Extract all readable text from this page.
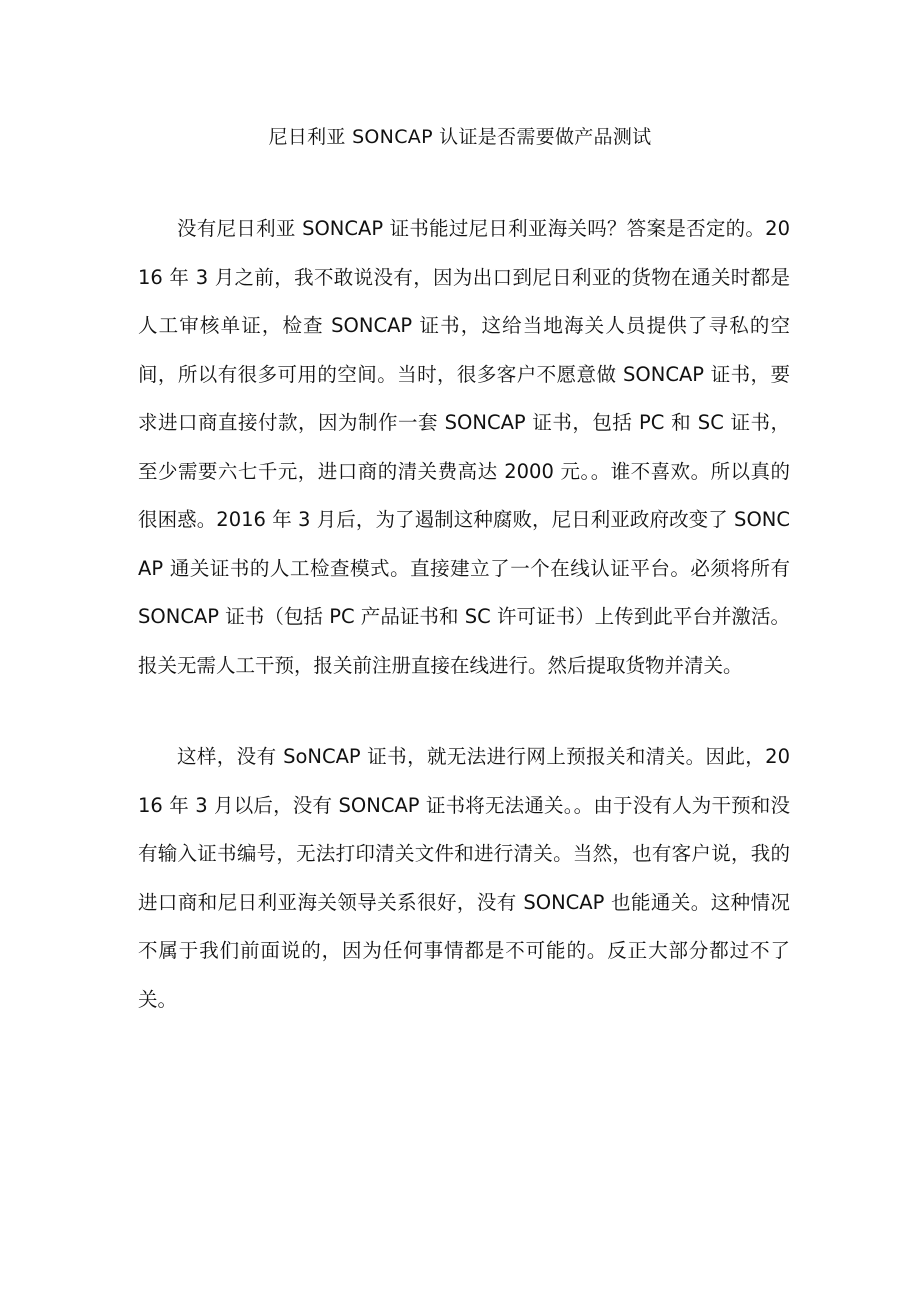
尼日利亚 SONCAP 认证是否需要做产品测试

没有尼日利亚 SONCAP 证书能过尼日利亚海关吗？答案是否定的。2016 年 3 月之前，我不敢说没有，因为出口到尼日利亚的货物在通关时都是人工审核单证，检查 SONCAP 证书，这给当地海关人员提供了寻私的空间，所以有很多可用的空间。当时，很多客户不愿意做 SONCAP 证书，要求进口商直接付款，因为制作一套 SONCAP 证书，包括 PC 和 SC 证书，至少需要六七千元，进口商的清关费高达 2000 元。。谁不喜欢。所以真的很困惑。2016 年 3 月后，为了遏制这种腐败，尼日利亚政府改变了 SONCAP 通关证书的人工检查模式。直接建立了一个在线认证平台。必须将所有 SONCAP 证书（包括 PC 产品证书和 SC 许可证书）上传到此平台并激活。报关无需人工干预，报关前注册直接在线进行。然后提取货物并清关。

这样，没有 SoNCAP 证书，就无法进行网上预报关和清关。因此，2016 年 3 月以后，没有 SONCAP 证书将无法通关。。由于没有人为干预和没有输入证书编号，无法打印清关文件和进行清关。当然，也有客户说，我的进口商和尼日利亚海关领导关系很好，没有 SONCAP 也能通关。这种情况不属于我们前面说的，因为任何事情都是不可能的。反正大部分都过不了关。
